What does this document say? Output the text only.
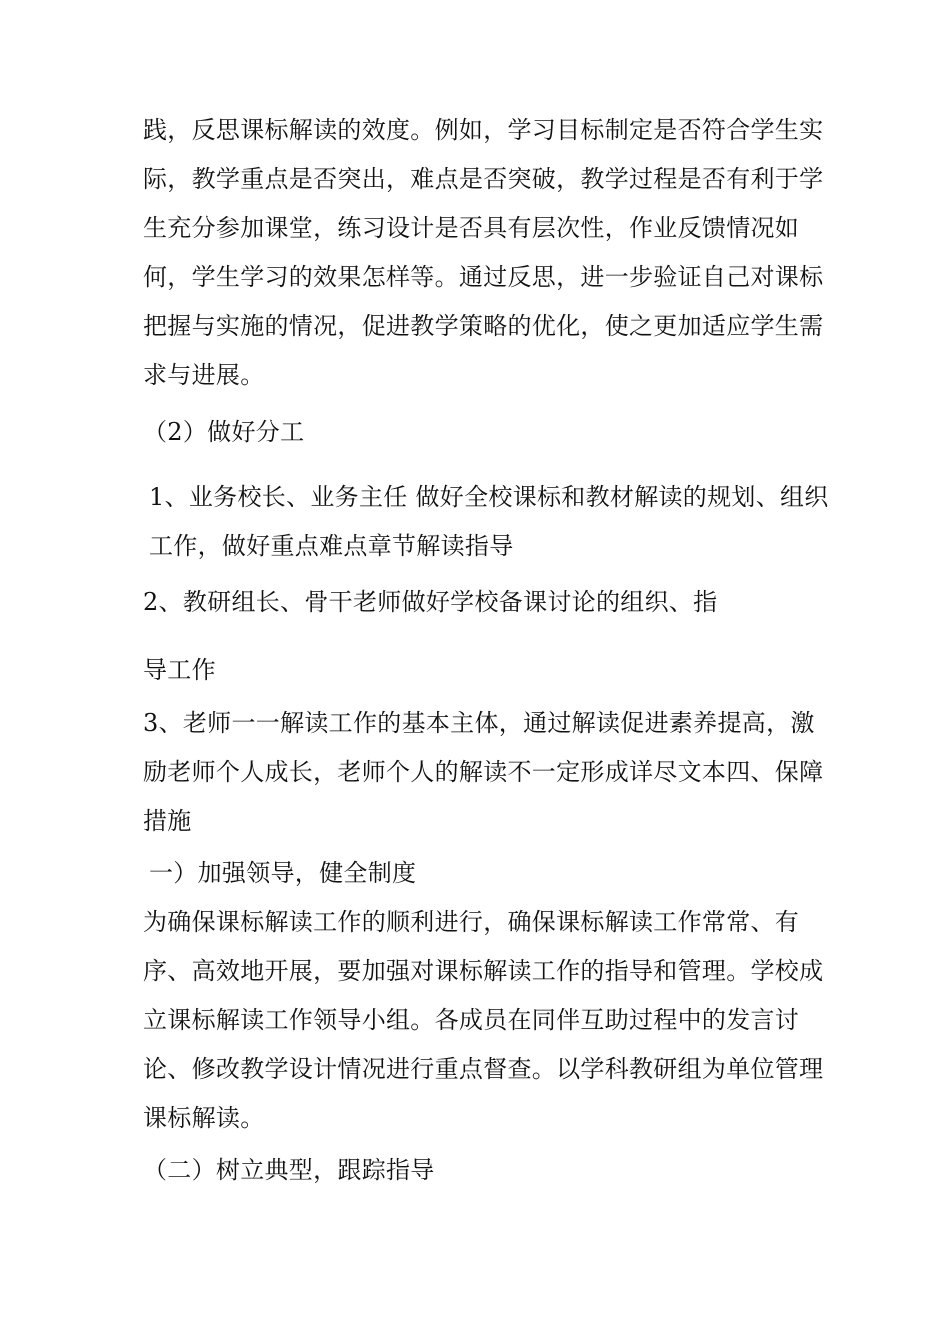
践，反思课标解读的效度。例如，学习目标制定是否符合学生实际，教学重点是否突出，难点是否突破，教学过程是否有利于学生充分参加课堂，练习设计是否具有层次性，作业反馈情况如何，学生学习的效果怎样等。通过反思，进一步验证自己对课标把握与实施的情况，促进教学策略的优化，使之更加适应学生需求与进展。
（2）做好分工
1、业务校长、业务主任 做好全校课标和教材解读的规划、组织工作，做好重点难点章节解读指导
2、教研组长、骨干老师做好学校备课讨论的组织、指
导工作
3、老师一一解读工作的基本主体，通过解读促进素养提高，激励老师个人成长，老师个人的解读不一定形成详尽文本四、保障措施
一）加强领导，健全制度
为确保课标解读工作的顺利进行，确保课标解读工作常常、有序、高效地开展，要加强对课标解读工作的指导和管理。学校成立课标解读工作领导小组。各成员在同伴互助过程中的发言讨论、修改教学设计情况进行重点督查。以学科教研组为单位管理课标解读。
（二）树立典型，跟踪指导
